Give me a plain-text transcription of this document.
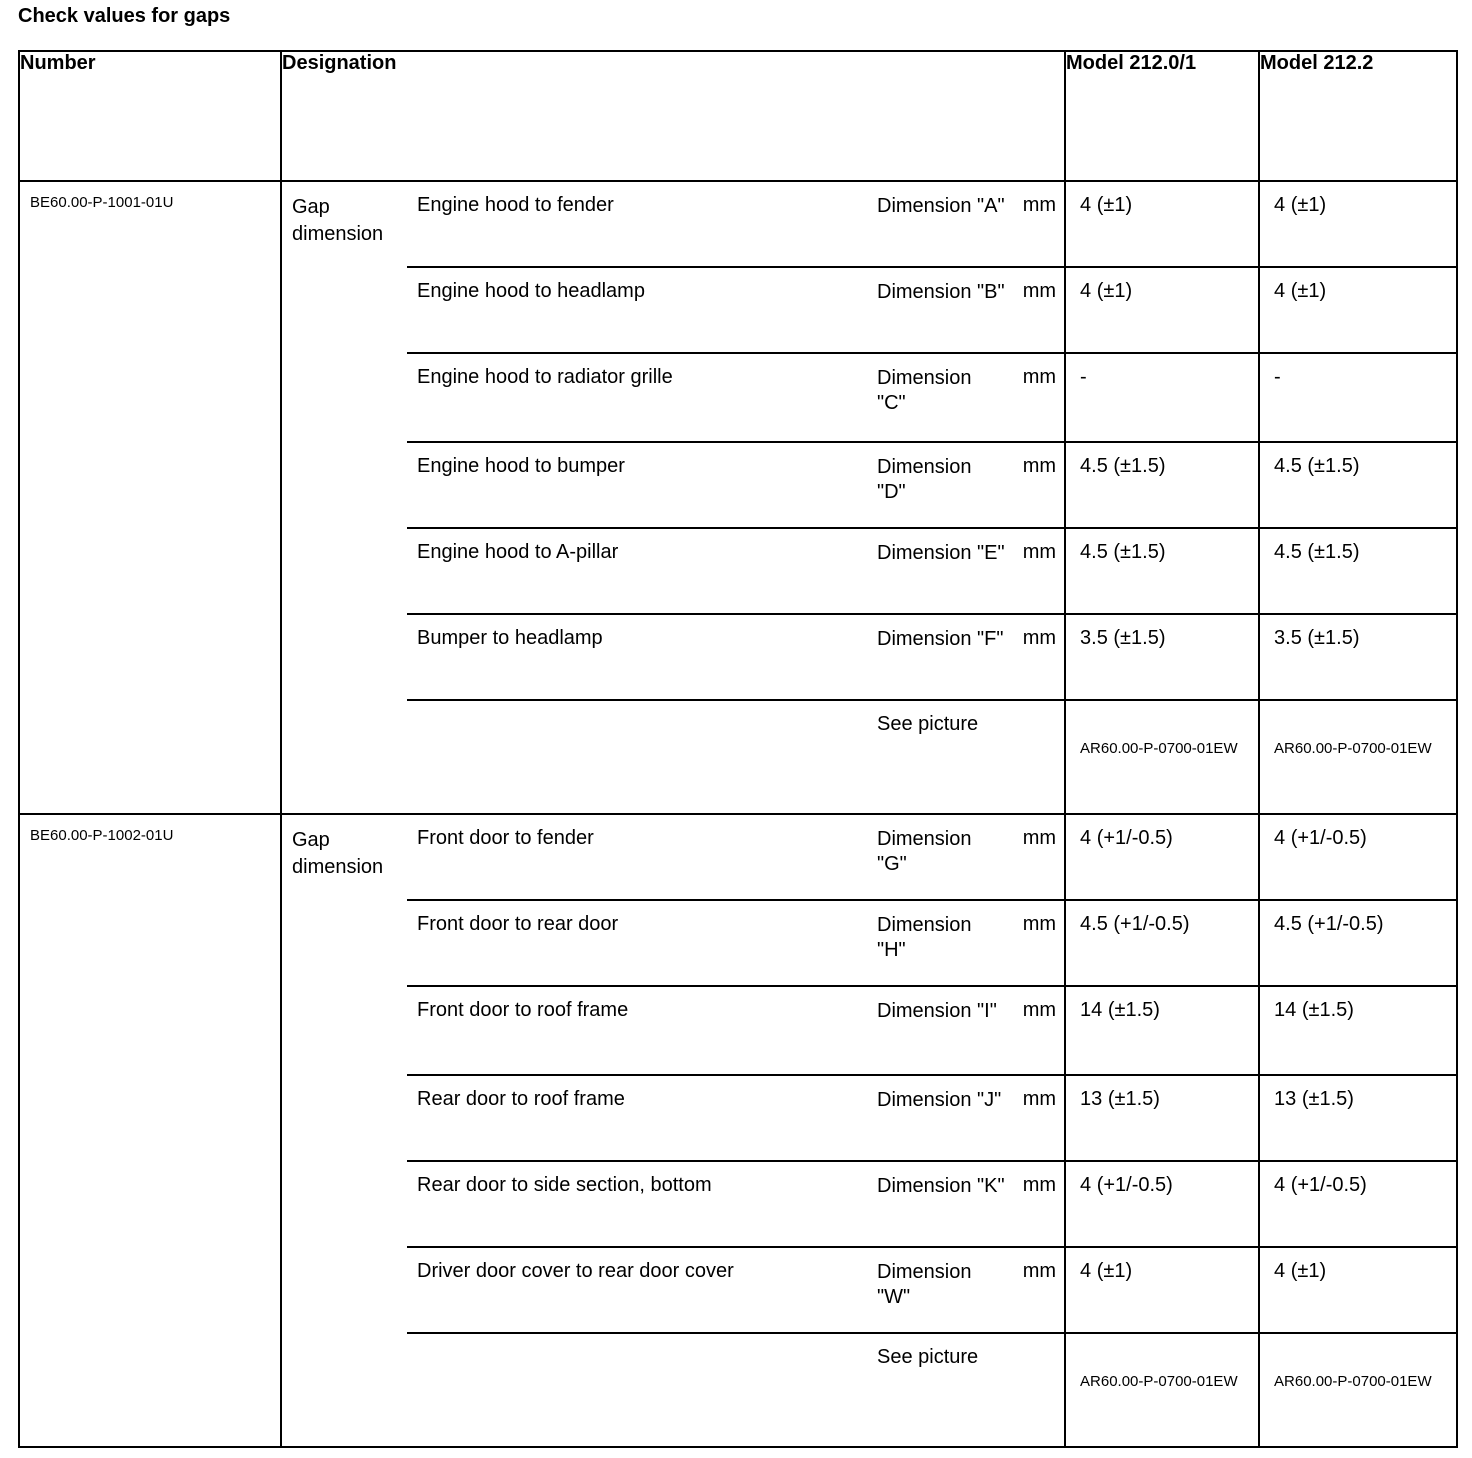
Check values for gaps
Number	Designation				Model 212.0/1	Model 212.2
BE60.00-P-1001-01U	Gap dimension	Engine hood to fender	Dimension "A"	mm	4 (±1)	4 (±1)
		Engine hood to headlamp	Dimension "B"	mm	4 (±1)	4 (±1)
		Engine hood to radiator grille	Dimension "C"	mm	-	-
		Engine hood to bumper	Dimension "D"	mm	4.5 (±1.5)	4.5 (±1.5)
		Engine hood to A-pillar	Dimension "E"	mm	4.5 (±1.5)	4.5 (±1.5)
		Bumper to headlamp	Dimension "F"	mm	3.5 (±1.5)	3.5 (±1.5)
			See picture		AR60.00-P-0700-01EW	AR60.00-P-0700-01EW
BE60.00-P-1002-01U	Gap dimension	Front door to fender	Dimension "G"	mm	4 (+1/-0.5)	4 (+1/-0.5)
		Front door to rear door	Dimension "H"	mm	4.5 (+1/-0.5)	4.5 (+1/-0.5)
		Front door to roof frame	Dimension "I"	mm	14 (±1.5)	14 (±1.5)
		Rear door to roof frame	Dimension "J"	mm	13 (±1.5)	13 (±1.5)
		Rear door to side section, bottom	Dimension "K"	mm	4 (+1/-0.5)	4 (+1/-0.5)
		Driver door cover to rear door cover	Dimension "W"	mm	4 (±1)	4 (±1)
			See picture		AR60.00-P-0700-01EW	AR60.00-P-0700-01EW
